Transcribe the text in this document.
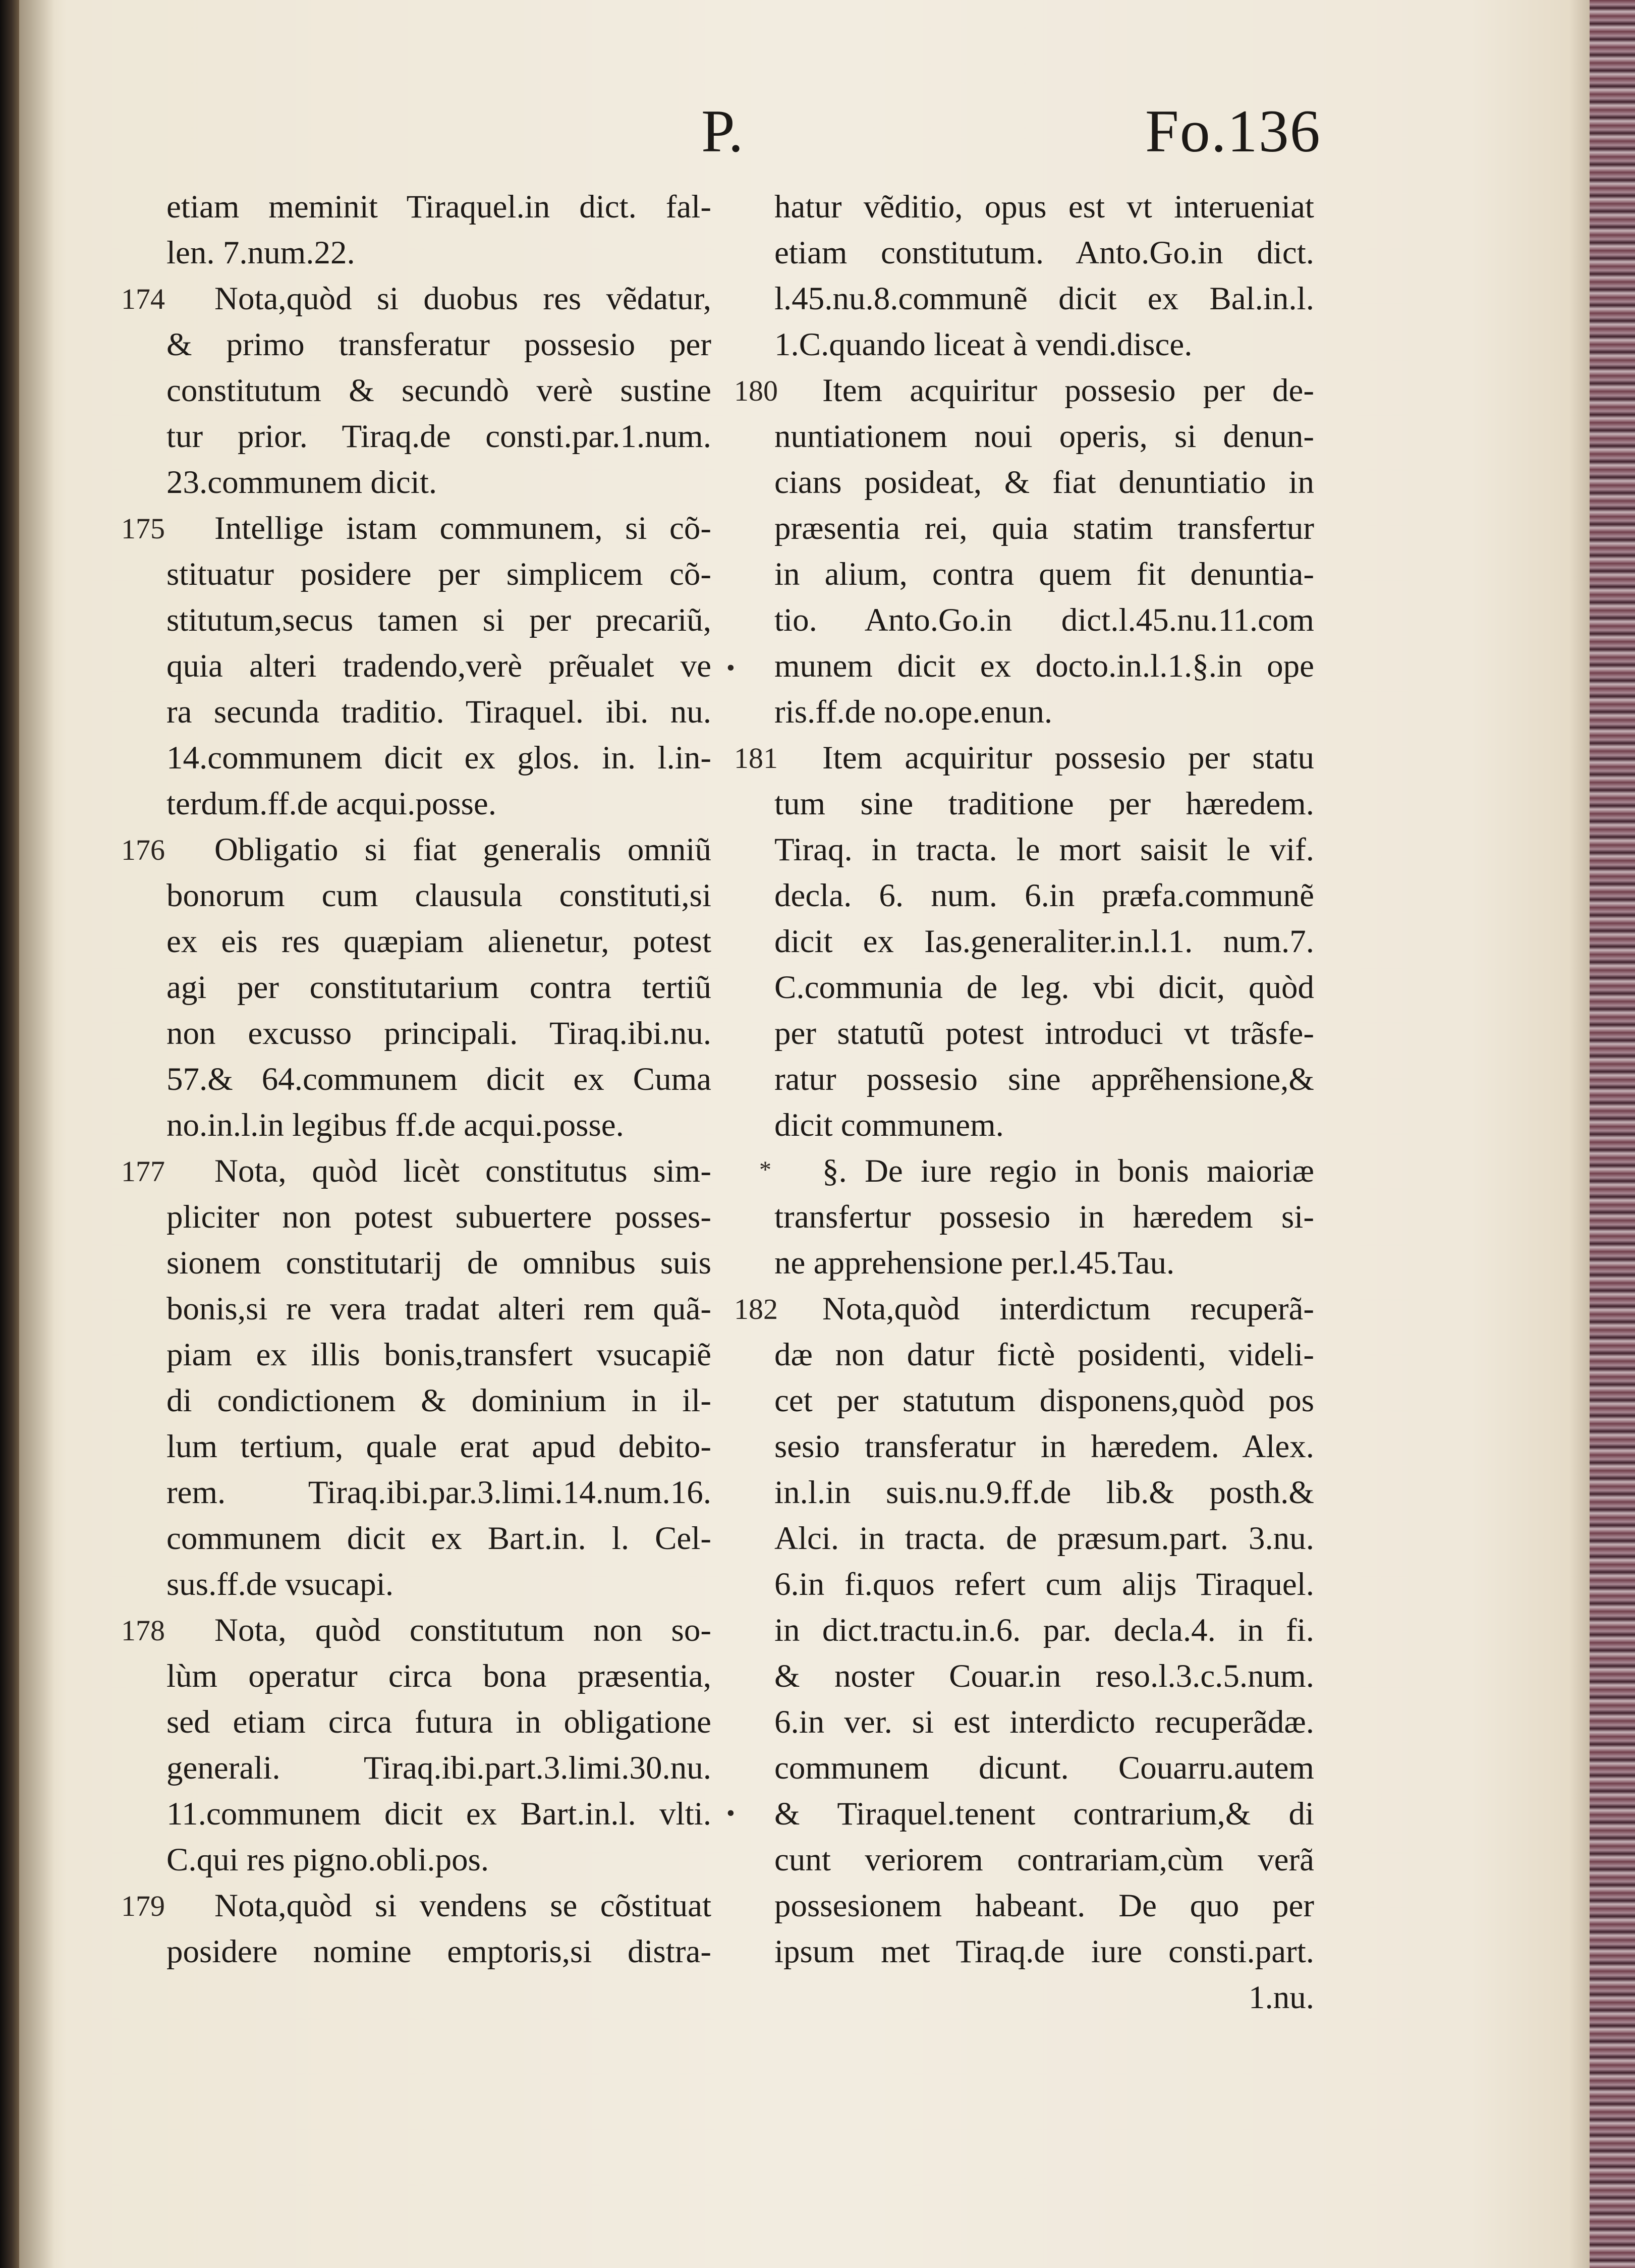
P.	Fo.136
etiam meminit Tiraquel.in dict. fal-
len. 7.num.22.
174 Nota,quòd si duobus res vẽdatur,
& primo transferatur possesio per
constitutum & secundò verè sustine
tur prior. Tiraq.de consti.par.1.num.
23.communem dicit.
175 Intellige istam communem, si cõ-
stituatur posidere per simplicem cõ-
stitutum,secus tamen si per precariũ,
quia alteri tradendo,verè prẽualet ve
ra secunda traditio. Tiraquel. ibi. nu.
14.communem dicit ex glos. in. l.in-
terdum.ff.de acqui.posse.
176 Obligatio si fiat generalis omniũ
bonorum cum clausula constituti,si
ex eis res quæpiam alienetur, potest
agi per constitutarium contra tertiũ
non excusso principali. Tiraq.ibi.nu.
57.& 64.communem dicit ex Cuma
no.in.l.in legibus ff.de acqui.posse.
177 Nota, quòd licèt constitutus sim-
pliciter non potest subuertere posses-
sionem constitutarij de omnibus suis
bonis,si re vera tradat alteri rem quã-
piam ex illis bonis,transfert vsucapiẽ
di condictionem & dominium in il-
lum tertium, quale erat apud debito-
rem. Tiraq.ibi.par.3.limi.14.num.16.
communem dicit ex Bart.in. l. Cel-
sus.ff.de vsucapi.
178 Nota, quòd constitutum non so-
lùm operatur circa bona præsentia,
sed etiam circa futura in obligatione
generali. Tiraq.ibi.part.3.limi.30.nu.
11.communem dicit ex Bart.in.l. vlti.
C.qui res pigno.obli.pos.
179 Nota,quòd si vendens se cõstituat
posidere nomine emptoris,si distra-
hatur vẽditio, opus est vt interueniat
etiam constitutum. Anto.Go.in dict.
l.45.nu.8.communẽ dicit ex Bal.in.l.
1.C.quando liceat à vendi.disce.
180 Item acquiritur possesio per de-
nuntiationem noui operis, si denun-
cians posideat, & fiat denuntiatio in
præsentia rei, quia statim transfertur
in alium, contra quem fit denuntia-
tio. Anto.Go.in dict.l.45.nu.11.com
munem dicit ex docto.in.l.1.§.in ope
ris.ff.de no.ope.enun.
181 Item acquiritur possesio per statu
tum sine traditione per hæredem.
Tiraq. in tracta. le mort saisit le vif.
decla. 6. num. 6.in præfa.communẽ
dicit ex Ias.generaliter.in.l.1. num.7.
C.communia de leg. vbi dicit, quòd
per statutũ potest introduci vt trãsfe-
ratur possesio sine apprẽhensione,&
dicit communem.
§. De iure regio in bonis maioriæ
transfertur possesio in hæredem si-
ne apprehensione per.l.45.Tau.
182 Nota,quòd interdictum recuperã-
dæ non datur fictè posidenti, videli-
cet per statutum disponens,quòd pos
sesio transferatur in hæredem. Alex.
in.l.in suis.nu.9.ff.de lib.& posth.&
Alci. in tracta. de præsum.part. 3.nu.
6.in fi.quos refert cum alijs Tiraquel.
in dict.tractu.in.6. par. decla.4. in fi.
& noster Couar.in reso.l.3.c.5.num.
6.in ver. si est interdicto recuperãdæ.
communem dicunt. Couarru.autem
& Tiraquel.tenent contrarium,& di
cunt veriorem contrariam,cùm verã
possesionem habeant. De quo per
ipsum met Tiraq.de iure consti.part.
1.nu.
•
*
•
